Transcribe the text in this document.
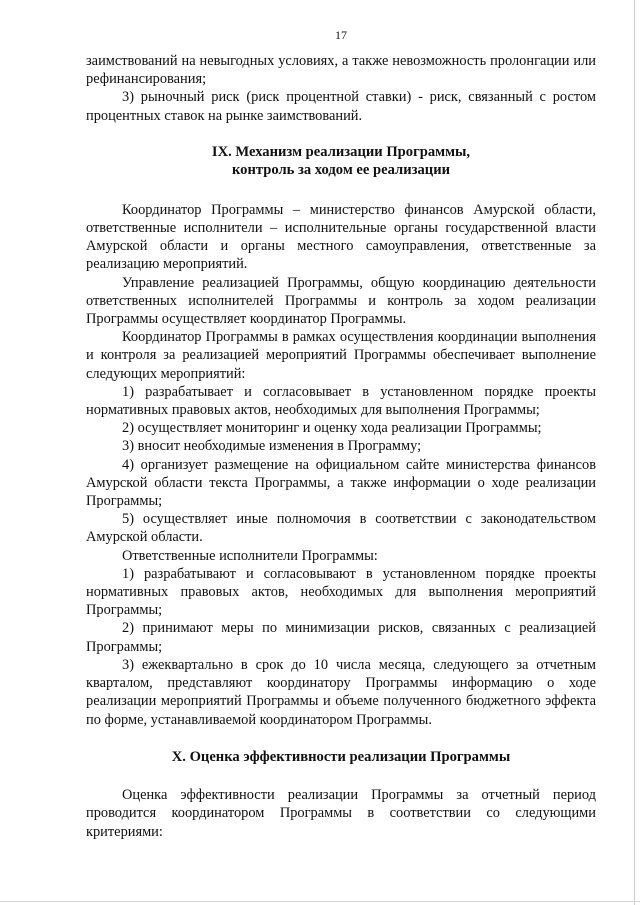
17

заимствований на невыгодных условиях, а также невозможность пролонгации или рефинансирования;

3) рыночный риск (риск процентной ставки) - риск, связанный с ростом процентных ставок на рынке заимствований.

IX. Механизм реализации Программы,
контроль за ходом ее реализации

Координатор Программы – министерство финансов Амурской области, ответственные исполнители – исполнительные органы государственной власти Амурской области и органы местного самоуправления, ответственные за реализацию мероприятий.

Управление реализацией Программы, общую координацию деятельности ответственных исполнителей Программы и контроль за ходом реализации Программы осуществляет координатор Программы.

Координатор Программы в рамках осуществления координации выполнения и контроля за реализацией мероприятий Программы обеспечивает выполнение следующих мероприятий:

1) разрабатывает и согласовывает в установленном порядке проекты нормативных правовых актов, необходимых для выполнения Программы;

2) осуществляет мониторинг и оценку хода реализации Программы;

3) вносит необходимые изменения в Программу;

4) организует размещение на официальном сайте министерства финансов Амурской области текста Программы, а также информации о ходе реализации Программы;

5) осуществляет иные полномочия в соответствии с законодательством Амурской области.

Ответственные исполнители Программы:

1) разрабатывают и согласовывают в установленном порядке проекты нормативных правовых актов, необходимых для выполнения мероприятий Программы;

2) принимают меры по минимизации рисков, связанных с реализацией Программы;

3) ежеквартально в срок до 10 числа месяца, следующего за отчетным кварталом, представляют координатору Программы информацию о ходе реализации мероприятий Программы и объеме полученного бюджетного эффекта по форме, устанавливаемой координатором Программы.

X. Оценка эффективности реализации Программы

Оценка эффективности реализации Программы за отчетный период проводится координатором Программы в соответствии со следующими критериями:
